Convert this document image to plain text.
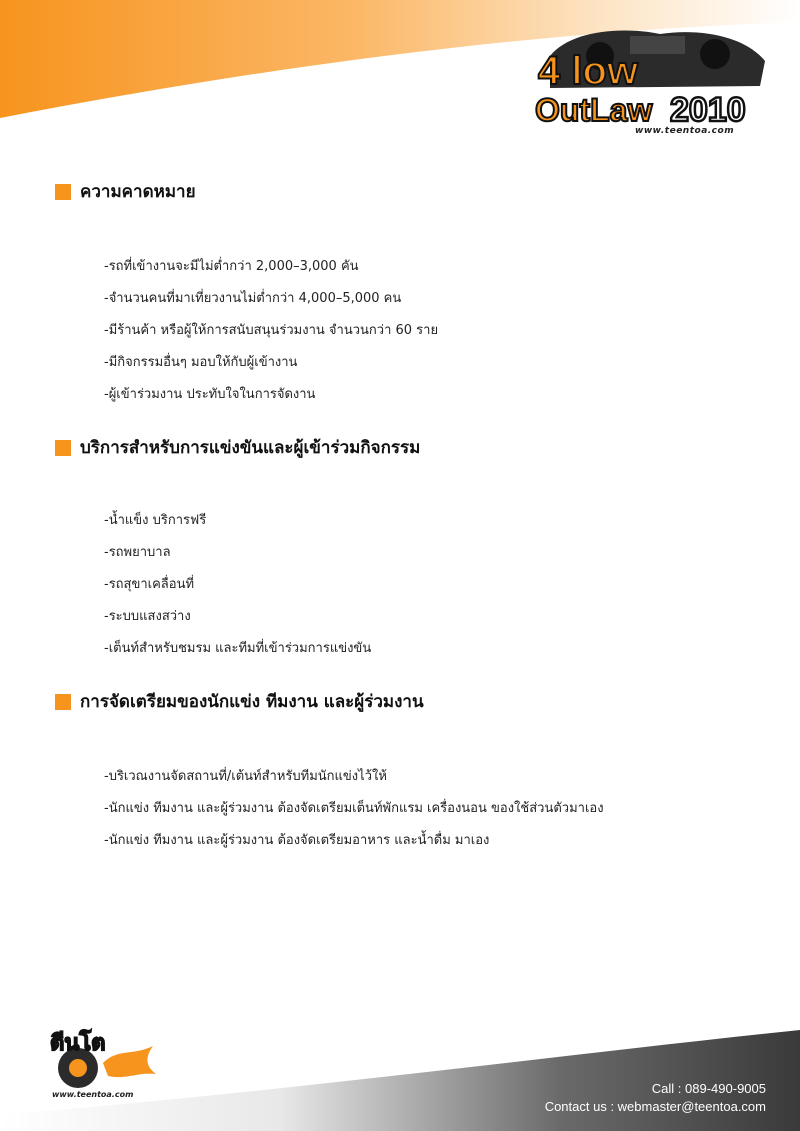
4 low
OutLaw 2010
www.teentoa.com
ความคาดหมาย
-รถที่เข้างานจะมีไม่ต่ำกว่า 2,000–3,000 คัน
-จำนวนคนที่มาเที่ยวงานไม่ต่ำกว่า 4,000–5,000 คน
-มีร้านค้า หรือผู้ให้การสนับสนุนร่วมงาน จำนวนกว่า 60 ราย
-มีกิจกรรมอื่นๆ มอบให้กับผู้เข้างาน
-ผู้เข้าร่วมงาน ประทับใจในการจัดงาน
บริการสำหรับการแข่งขันและผู้เข้าร่วมกิจกรรม
-น้ำแข็ง บริการฟรี
-รถพยาบาล
-รถสุขาเคลื่อนที่
-ระบบแสงสว่าง
-เต็นท์สำหรับชมรม และทีมที่เข้าร่วมการแข่งขัน
การจัดเตรียมของนักแข่ง ทีมงาน และผู้ร่วมงาน
-บริเวณงานจัดสถานที่/เต้นท์สำหรับทีมนักแข่งไว้ให้
-นักแข่ง ทีมงาน และผู้ร่วมงาน ต้องจัดเตรียมเต็นท์พักแรม เครื่องนอน ของใช้ส่วนตัวมาเอง
-นักแข่ง ทีมงาน และผู้ร่วมงาน ต้องจัดเตรียมอาหาร และน้ำดื่ม มาเอง
ตีนโต
www.teentoa.com	Call : 089-490-9005
Contact us : webmaster@teentoa.com
